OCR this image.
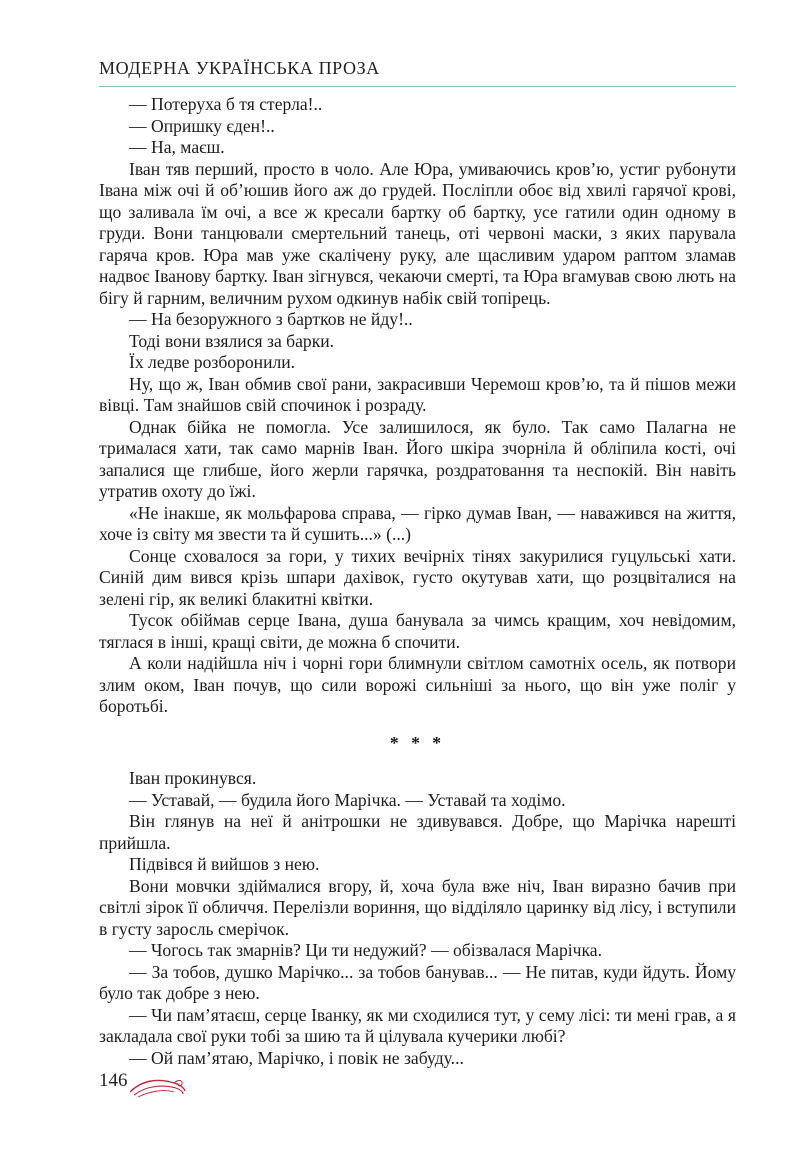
МОДЕРНА УКРАЇНСЬКА ПРОЗА

— Потеруха б тя стерла!..

— Опришку єден!..

— На, маєш.

Іван тяв перший, просто в чоло. Але Юра, умиваючись кров’ю, устиг рубонути Івана між очі й об’юшив його аж до грудей. Посліпли обоє від хвилі гарячої крові, що заливала їм очі, а все ж кресали бартку об бартку, усе гатили один одному в груди. Вони танцювали смертельний танець, оті червоні маски, з яких парувала гаряча кров. Юра мав уже скалічену руку, але щасливим ударом раптом зламав надвоє Іванову бартку. Іван зігнувся, чекаючи смерті, та Юра вгамував свою лють на бігу й гарним, величним рухом одкинув набік свій топірець.

— На безоружного з бартков не йду!..

Тоді вони взялися за барки.

Їх ледве розборонили.

Ну, що ж, Іван обмив свої рани, закрасивши Черемош кров’ю, та й пішов межи вівці. Там знайшов свій спочинок і розраду.

Однак бійка не помогла. Усе залишилося, як було. Так само Палагна не трималася хати, так само марнів Іван. Його шкіра зчорніла й обліпила кості, очі запалися ще глибше, його жерли гарячка, роздратовання та неспокій. Він навіть утратив охоту до їжі.

«Не інакше, як мольфарова справа, — гірко думав Іван, — наважився на життя, хоче із світу мя звести та й сушить...» (...)

Сонце сховалося за гори, у тихих вечірніх тінях закурилися гуцульські хати. Синій дим вився крізь шпари дахівок, густо окутував хати, що розцвіталися на зелені гір, як великі блакитні квітки.

Тусок обіймав серце Івана, душа банувала за чимсь кращим, хоч невідомим, тяглася в інші, кращі світи, де можна б спочити.

А коли надійшла ніч і чорні гори блимнули світлом самотніх осель, як потвори злим оком, Іван почув, що сили ворожі сильніші за нього, що він уже поліг у боротьбі.

* * *

Іван прокинувся.

— Уставай, — будила його Марічка. — Уставай та ходімо.

Він глянув на неї й анітрошки не здивувався. Добре, що Марічка нарешті прийшла.

Підвівся й вийшов з нею.

Вони мовчки здіймалися вгору, й, хоча була вже ніч, Іван виразно бачив при світлі зірок її обличчя. Перелізли вориння, що відділяло царинку від лісу, і вступили в густу заросль смерічок.

— Чогось так змарнів? Ци ти недужий? — обізвалася Марічка.

— За тобов, душко Марічко... за тобов банував... — Не питав, куди йдуть. Йому було так добре з нею.

— Чи пам’ятаєш, серце Іванку, як ми сходилися тут, у сему лісі: ти мені грав, а я закладала свої руки тобі за шию та й цілувала кучерики любі?

— Ой пам’ятаю, Марічко, і повік не забуду...

146
